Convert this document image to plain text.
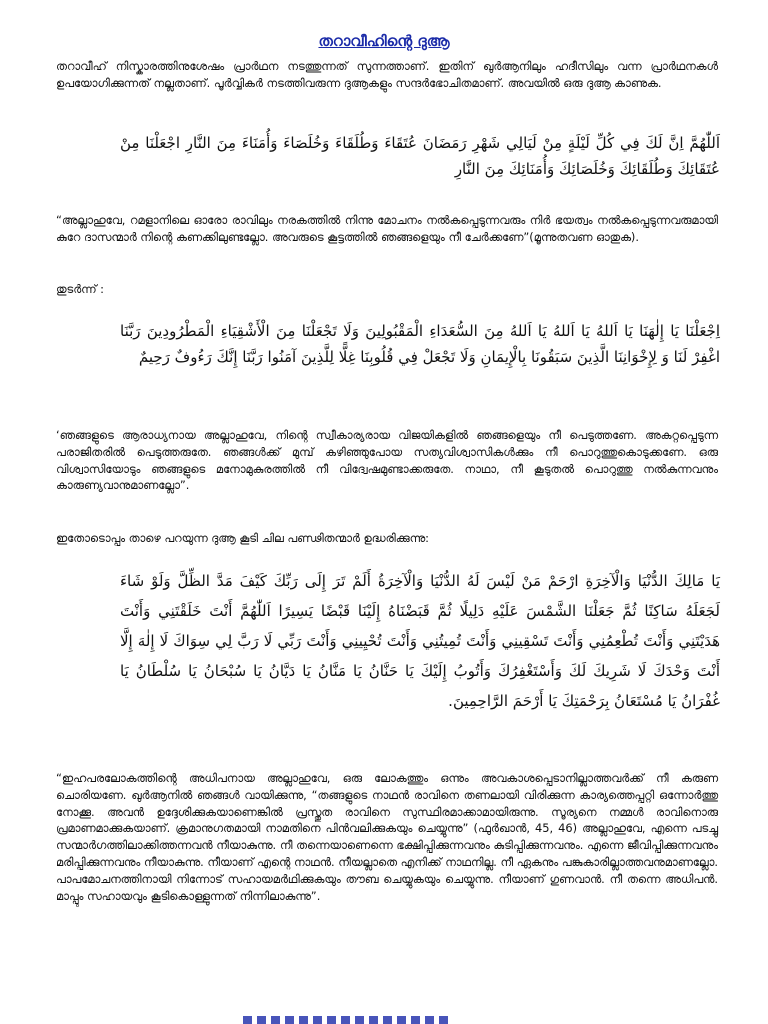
തറാവീഹിന്റെ ദുആ

തറാവീഹ് നിസ്കാരത്തിനുശേഷം പ്രാർഥന നടത്തുന്നത് സുന്നത്താണ്. ഇതിന് ഖുർആനിലും ഹദീസിലും വന്ന പ്രാർഥനകൾ ഉപയോഗിക്കുന്നത് നല്ലതാണ്. പൂർവ്വികർ നടത്തിവരുന്ന ദുആകളും സന്ദർഭോചിതമാണ്. അവയിൽ ഒരു ദുആ കാണുക.

اَللّٰهُمَّ اِنَّ لَكَ فِي كُلِّ لَيْلَةٍ مِنْ لَيَالِي شَهْرِ رَمَضَانَ عُتَقَاءَ وَطُلَقَاءَ وَخُلَصَاءَ وَأُمَنَاءَ مِنَ النَّارِ اجْعَلْنَا مِنْ عُتَقَائِكَ وَطُلَقَائِكَ وَخُلَصَائِكَ وَأُمَنَائِكَ مِنَ النَّارِ

“അല്ലാഹുവേ, റമളാനിലെ ഓരോ രാവിലും നരകത്തിൽ നിന്നു മോചനം നൽകപ്പെടുന്നവരും നിർ ഭയത്വം നൽകപ്പെടുന്നവരുമായി കുറേ ദാസന്മാർ നിന്റെ കണക്കിലുണ്ടല്ലോ. അവരുടെ കൂട്ടത്തിൽ ഞങ്ങളെയും നീ ചേർക്കണേ”(മൂന്നുതവണ ഓതുക).

തുടർന്ന് :

اِجْعَلْنَا يَا إِلٰهَنَا يَا اَللهُ يَا اَللهُ يَا اَللهُ مِنَ السُّعَدَاءِ الْمَقْبُولِينَ وَلَا تَجْعَلْنَا مِنَ الْأَشْقِيَاءِ الْمَطْرُودِينَ رَبَّنَا اغْفِرْ لَنَا وَ لِإِخْوَانِنَا الَّذِينَ سَبَقُونَا بِالْإِيمَانِ وَلَا تَجْعَلْ فِي قُلُوبِنَا غِلًّا لِلَّذِينَ آمَنُوا رَبَّنَا إِنَّكَ رَءُوفٌ رَحِيمٌ

‘ഞങ്ങളുടെ ആരാധ്യനായ അല്ലാഹുവേ, നിന്റെ സ്വീകാര്യരായ വിജയികളിൽ ഞങ്ങളെയും നീ പെടുത്തണേ. അകറ്റപ്പെടുന്ന പരാജിതരിൽ പെടുത്തരുതേ. ഞങ്ങൾക്ക് മുമ്പ് കഴിഞ്ഞുപോയ സത്യവിശ്വാസികൾക്കും നീ പൊറുത്തുകൊടുക്കണേ. ഒരു വിശ്വാസിയോടും ഞങ്ങളുടെ മനോമുകുരത്തിൽ നീ വിദ്വേഷമുണ്ടാക്കരുതേ. നാഥാ, നീ കൂടുതൽ പൊറുത്തു നൽകുന്നവനും കാരുണ്യവാനുമാണല്ലോ”.

ഇതോടൊപ്പം താഴെ പറയുന്ന ദുആ കൂടി ചില പണ്ഢിതന്മാർ ഉദ്ധരിക്കുന്നു:

يَا مَالِكَ الدُّنْيَا وَالْآخِرَةِ ارْحَمْ مَنْ لَيْسَ لَهُ الدُّنْيَا وَالْآخِرَةُ أَلَمْ تَرَ إِلَى رَبِّكَ كَيْفَ مَدَّ الظِّلَّ وَلَوْ شَاءَ لَجَعَلَهُ سَاكِنًا ثُمَّ جَعَلْنَا الشَّمْسَ عَلَيْهِ دَلِيلًا ثُمَّ قَبَضْنَاهُ إِلَيْنَا قَبْضًا يَسِيرًا اَللّٰهُمَّ أَنْتَ خَلَقْتَنِي وَأَنْتَ هَدَيْتَنِي وَأَنْتَ تُطْعِمُنِي وَأَنْتَ تَسْقِينِي وَأَنْتَ تُمِيتُنِي وَأَنْتَ تُحْيِينِي وَأَنْتَ رَبِّي لَا رَبَّ لِي سِوَاكَ لَا إِلٰهَ إِلَّا أَنْتَ وَحْدَكَ لَا شَرِيكَ لَكَ وَأَسْتَغْفِرُكَ وَأَتُوبُ إِلَيْكَ يَا حَنَّانُ يَا مَنَّانُ يَا دَيَّانُ يَا سُبْحَانُ يَا سُلْطَانُ يَا غُفْرَانُ يَا مُسْتَعَانُ بِرَحْمَتِكَ يَا أَرْحَمَ الرَّاحِمِينَ.

“ഇഹപരലോകത്തിന്റെ അധിപനായ അല്ലാഹുവേ, ഒരു ലോകത്തും ഒന്നും അവകാശപ്പെടാനില്ലാത്തവർക്ക് നീ കരുണ ചൊരിയണേ. ഖുർആനിൽ ഞങ്ങൾ വായിക്കുന്നു, “തങ്ങളുടെ നാഥൻ രാവിനെ തണലായി വിരിക്കുന്ന കാര്യത്തെപ്പറ്റി ഒന്നോർത്തു നോക്കൂ. അവൻ ഉദ്ദേശിക്കുകയാണെങ്കിൽ പ്രസ്തുത രാവിനെ സുസ്ഥിരമാക്കാമായിരുന്നു. സൂര്യനെ നമ്മൾ രാവിനൊരു പ്രമാണമാക്കുകയാണ്. ക്രമാനുഗതമായി നാമതിനെ പിൻവലിക്കുകയും ചെയ്യുന്നു” (ഫുർഖാൻ, 45, 46) അല്ലാഹുവേ, എന്നെ പടച്ചു സന്മാർഗത്തിലാക്കിത്തന്നവൻ നീയാകുന്നു. നീ തന്നെയാണെന്നെ ഭക്ഷിപ്പിക്കുന്നവനും കുടിപ്പിക്കുന്നവനും. എന്നെ ജീവിപ്പിക്കുന്നവനും മരിപ്പിക്കുന്നവനും നീയാകുന്നു. നീയാണ് എന്റെ നാഥൻ. നീയല്ലാതെ എനിക്ക് നാഥനില്ല. നീ ഏകനും പങ്കുകാരില്ലാത്തവനുമാണല്ലോ. പാപമോചനത്തിനായി നിന്നോട് സഹായമർഥിക്കുകയും തൗബ ചെയ്യുകയും ചെയ്യുന്നു. നീയാണ് ഗുണവാൻ. നീ തന്നെ അധിപൻ. മാപ്പും സഹായവും കൂടികൊള്ളുന്നത് നിന്നിലാകുന്നു”.
